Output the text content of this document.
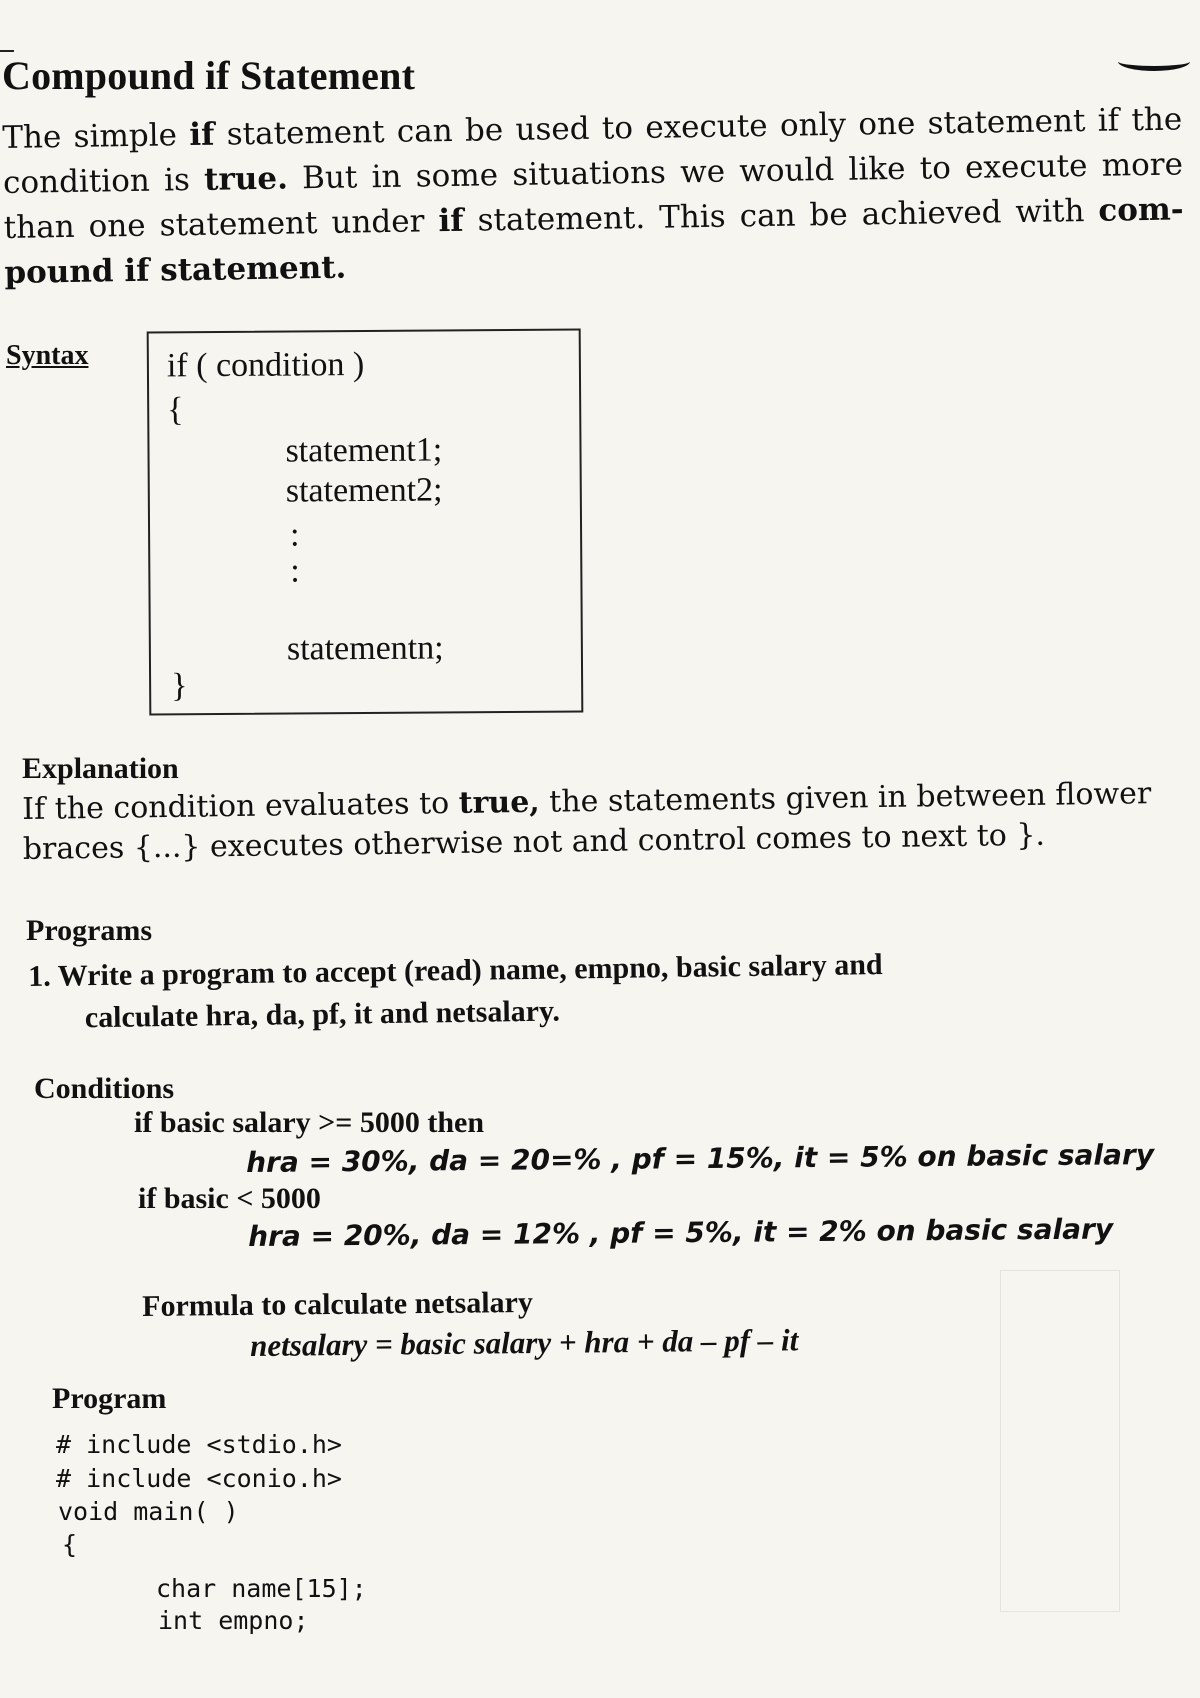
Compound if Statement
The simple if statement can be used to execute only one statement if the condition is true. But in some situations we would like to execute more than one statement under if statement. This can be achieved with com-pound if statement.
Syntax if ( condition )
{
statement1;
statement2;
:
:
statementn;
}
Explanation
If the condition evaluates to true, the statements given in between flower braces {...} executes otherwise not and control comes to next to }.
Programs
1. Write a program to accept (read) name, empno, basic salary and
calculate hra, da, pf, it and netsalary.
Conditions
if basic salary >= 5000 then
hra = 30%, da = 20=% , pf = 15%, it = 5% on basic salary
if basic < 5000
hra = 20%, da = 12% , pf = 5%, it = 2% on basic salary
Formula to calculate netsalary
netsalary = basic salary + hra + da – pf – it
Program
# include <stdio.h>
# include <conio.h>
void main( )
{
char name[15];
int empno;
